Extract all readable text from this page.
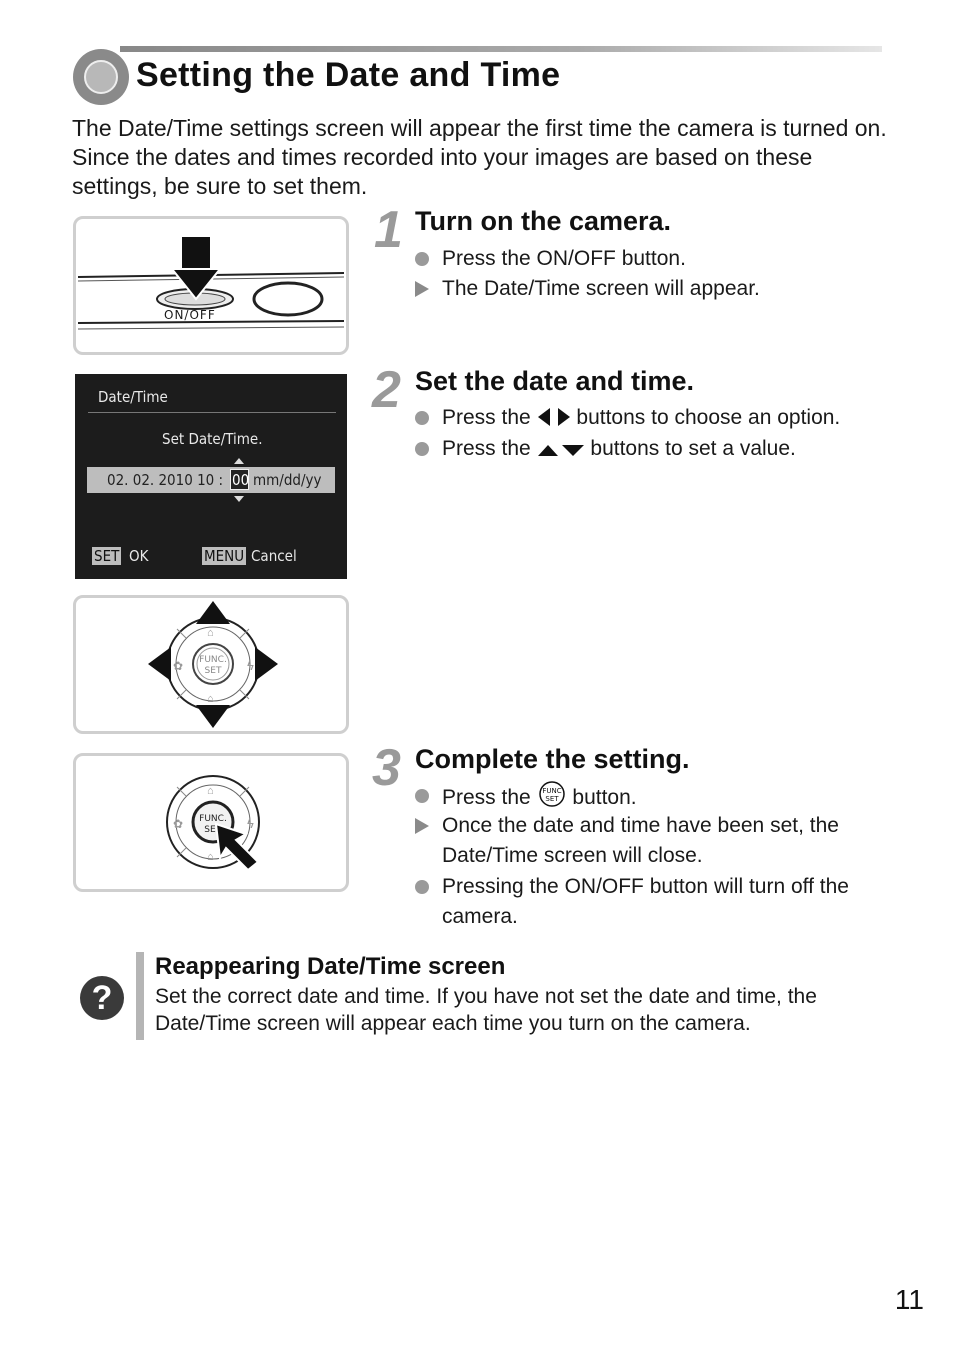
Setting the Date and Time
The Date/Time settings screen will appear the first time the camera is turned on. Since the dates and times recorded into your images are based on these settings, be sure to set them.
ON/OFF
1 Turn on the camera.
Press the ON/OFF button.
The Date/Time screen will appear.
Date/Time
Set Date/Time.
02. 02. 2010 10 : 00 mm/dd/yy
SET OK	MENU Cancel
2 Set the date and time.
Press the buttons to choose an option.
Press the	buttons to set a value.
FUNC.
SET
⌂
ϟ
✿
⌂
FUNC.
SE
⌂
ϟ
✿
⌂
3 Complete the setting.
Press the FUNC
SET button.
Once the date and time have been set, the Date/Time screen will close.
Pressing the ON/OFF button will turn off the camera.
?
Reappearing Date/Time screen
Set the correct date and time. If you have not set the date and time, the Date/Time screen will appear each time you turn on the camera.
11
